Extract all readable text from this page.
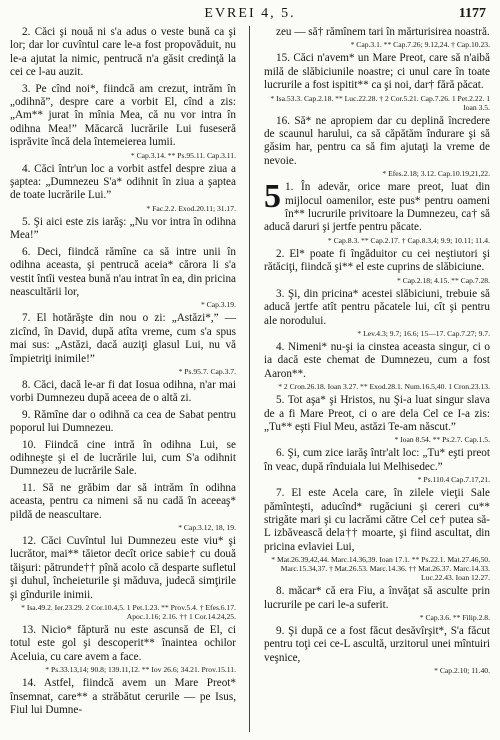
EVREI 4, 5.	1177

2. Căci şi nouă ni s'a adus o veste bună ca şi lor; dar lor cuvîntul care le-a fost propovăduit, nu le-a ajutat la nimic, pentrucă n'a găsit credinţă la cei ce l-au auzit.

3. Pe cînd noi*, fiindcă am crezut, intrăm în „odihnă”, despre care a vorbit El, cînd a zis: „Am** jurat în mînia Mea, că nu vor intra în odihna Mea!” Măcarcă lucrările Lui fuseseră isprăvite încă dela întemeierea lumii.
* Cap.3.14. ** Ps.95.11. Cap.3.11.

4. Căci într'un loc a vorbit astfel despre ziua a şaptea: „Dumnezeu S'a* odihnit în ziua a şaptea de toate lucrările Lui.”
* Fac.2.2. Exod.20.11; 31.17.

5. Şi aici este zis iarăş: „Nu vor intra în odihna Mea!”

6. Deci, fiindcă rămîne ca să intre unii în odihna aceasta, şi pentrucă aceia* cărora li s'a vestit întîi vestea bună n'au intrat în ea, din pricina neascultării lor,
* Cap.3.19.

7. El hotărăşte din nou o zi: „Astăzi*,” — zicînd, în David, după atîta vreme, cum s'a spus mai sus: „Astăzi, dacă auziţi glasul Lui, nu vă împietriţi inimile!”
* Ps.95.7. Cap.3.7.

8. Căci, dacă le-ar fi dat Iosua odihna, n'ar mai vorbi Dumnezeu după aceea de o altă zi.

9. Rămîne dar o odihnă ca cea de Sabat pentru poporul lui Dumnezeu.

10. Fiindcă cine intră în odihna Lui, se odihneşte şi el de lucrările lui, cum S'a odihnit Dumnezeu de lucrările Sale.

11. Să ne grăbim dar să intrăm în odihna aceasta, pentru ca nimeni să nu cadă în aceeaş* pildă de neascultare.
* Cap.3.12, 18, 19.

12. Căci Cuvîntul lui Dumnezeu este viu* şi lucrător, mai** tăietor decît orice sabie† cu două tăişuri: pătrunde†† pînă acolo că desparte sufletul şi duhul, încheieturile şi măduva, judecă simţirile şi gîndurile inimii.
* Isa.49.2. Ier.23.29. 2 Cor.10.4,5. 1 Pet.1.23. ** Prov.5.4. † Efes.6.17. Apoc.1.16; 2.16. †† 1 Cor.14.24,25.

13. Nicio* făptură nu este ascunsă de El, ci totul este gol şi descoperit** înaintea ochilor Aceluia, cu care avem a face.
* Ps.33.13,14; 90.8; 139.11,12. ** Iov 26.6; 34.21. Prov.15.11.

14. Astfel, fiindcă avem un Mare Preot* însemnat, care** a străbătut cerurile — pe Isus, Fiul lui Dumne-

zeu — să† rămînem tari în mărturisirea noastră.
* Cap.3.1. ** Cap.7.26; 9.12,24. † Cap.10.23.

15. Căci n'avem* un Mare Preot, care să n'aibă milă de slăbiciunile noastre; ci unul care în toate lucrurile a fost ispitit** ca şi noi, dar† fără păcat.
* Isa.53.3. Cap.2.18. ** Luc.22.28. † 2 Cor.5.21. Cap.7.26. 1 Pet.2.22. 1 Ioan 3.5.

16. Să* ne apropiem dar cu deplină încredere de scaunul harului, ca să căpătăm îndurare şi să găsim har, pentru ca să fim ajutaţi la vreme de nevoie.
* Efes.2.18; 3.12. Cap.10.19,21,22.

5 1. În adevăr, orice mare preot, luat din mijlocul oamenilor, este pus* pentru oameni în** lucrurile privitoare la Dumnezeu, ca† să aducă daruri şi jertfe pentru păcate.
* Cap.8.3. ** Cap.2.17. † Cap.8.3,4; 9.9; 10.11; 11.4.

2. El* poate fi îngăduitor cu cei neştiutori şi rătăciţi, fiindcă şi** el este cuprins de slăbiciune.
* Cap.2.18; 4.15. ** Cap.7.28.

3. Şi, din pricina* acestei slăbiciuni, trebuie să aducă jertfe atît pentru păcatele lui, cît şi pentru ale norodului.
* Lev.4.3; 9.7; 16.6; 15—17. Cap.7.27; 9.7.

4. Nimeni* nu-şi ia cinstea aceasta singur, ci o ia dacă este chemat de Dumnezeu, cum a fost Aaron**.
* 2 Cron.26.18. Ioan 3.27. ** Exod.28.1. Num.16.5,40. 1 Cron.23.13.

5. Tot aşa* şi Hristos, nu Şi-a luat singur slava de a fi Mare Preot, ci o are dela Cel ce I-a zis: „Tu** eşti Fiul Meu, astăzi Te-am născut.”
* Ioan 8.54. ** Ps.2.7. Cap.1.5.

6. Şi, cum zice iarăş într'alt loc: „Tu* eşti preot în veac, după rînduiala lui Melhisedec.”
* Ps.110.4 Cap.7.17,21.

7. El este Acela care, în zilele vieţii Sale pămînteşti, aducînd* rugăciuni şi cereri cu** strigăte mari şi cu lacrămi către Cel ce† putea să-L izbăvească dela†† moarte, şi fiind ascultat, din pricina evlaviei Lui,
* Mat.26.39,42,44. Marc.14.36,39. Ioan 17.1. ** Ps.22.1. Mat.27.46,50. Marc.15.34,37. † Mat.26.53. Marc.14.36. †† Mat.26.37. Marc.14.33. Luc.22.43. Ioan 12.27.

8. măcar* că era Fiu, a învăţat să asculte prin lucrurile pe cari le-a suferit.
* Cap.3.6. ** Filip.2.8.

9. Şi după ce a fost făcut desăvîrşit*, S'a făcut pentru toţi cei ce-L ascultă, urzitorul unei mîntuiri veşnice,
* Cap.2.10; 11.40.
